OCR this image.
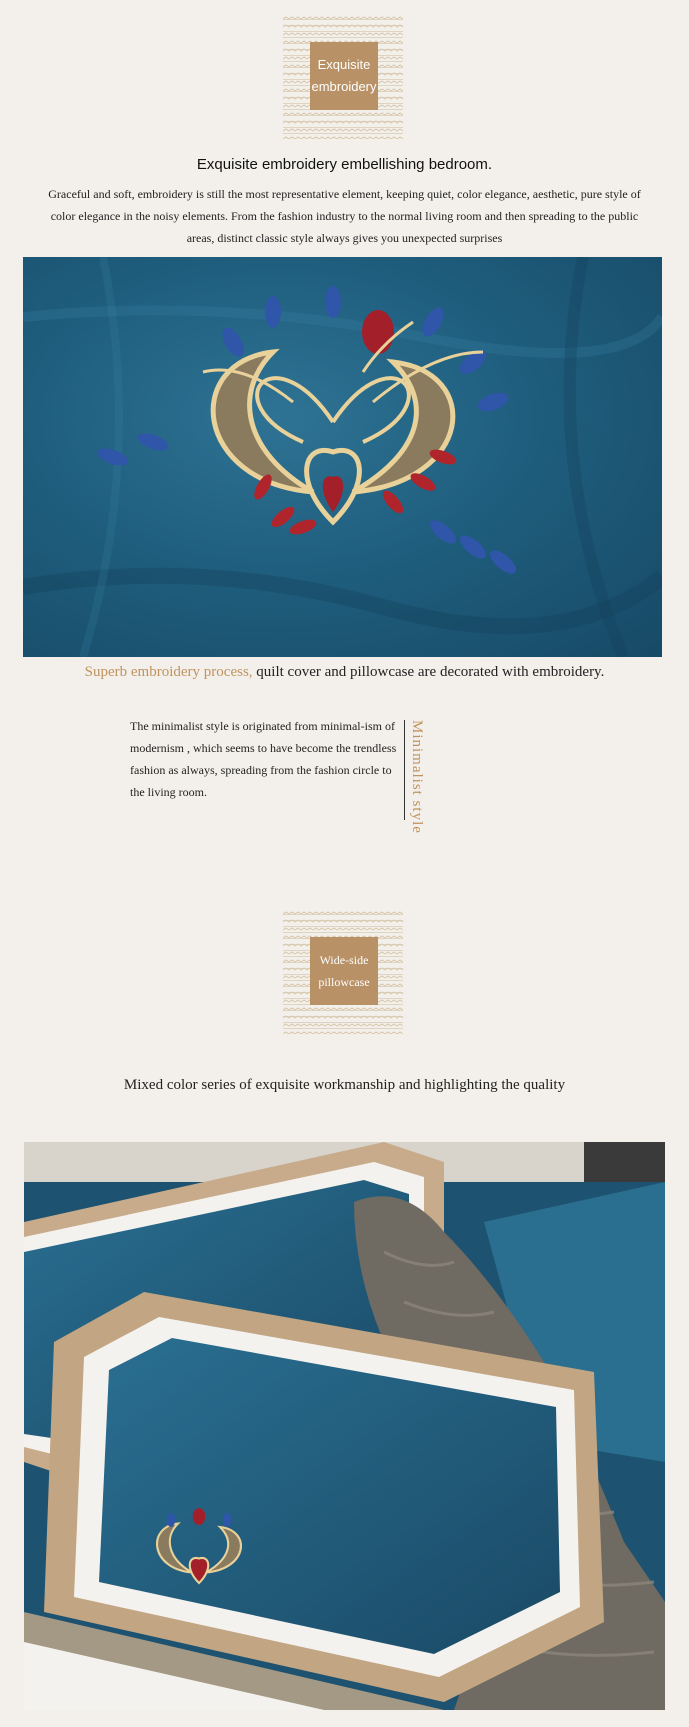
Exquisite
embroidery
Exquisite embroidery embellishing bedroom.
Graceful and soft, embroidery is still the most representative element, keeping quiet, color elegance, aesthetic, pure style of color elegance in the noisy elements. From the fashion industry to the normal living room and then spreading to the public areas, distinct classic style always gives you unexpected surprises
Superb embroidery process, quilt cover and pillowcase are decorated with embroidery.
The minimalist style is originated from minimal-ism of modernism , which seems to have become the trendless fashion as always, spreading from the fashion circle to the living room.	Minimalist style
Wide-side
pillowcase
Mixed color series of exquisite workmanship and highlighting the quality
